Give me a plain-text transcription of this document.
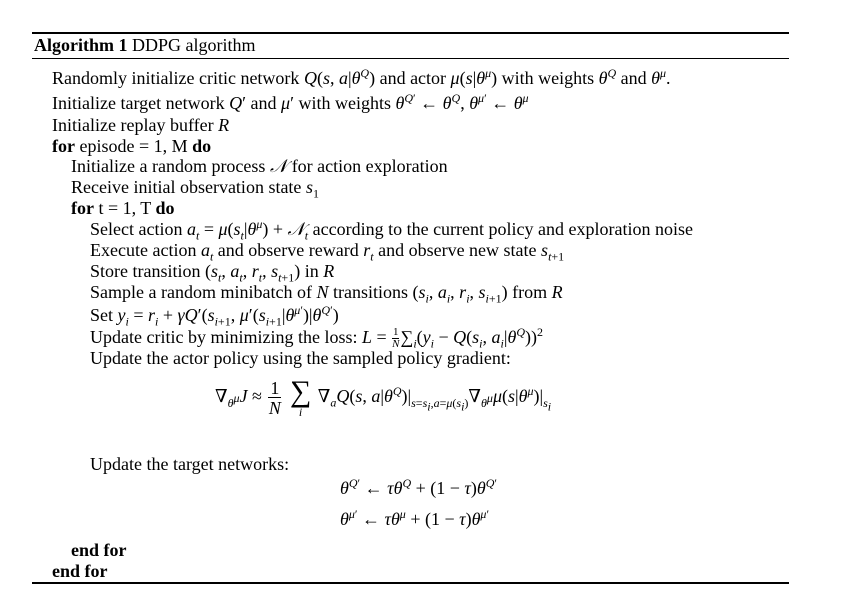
Algorithm 1 DDPG algorithm
Randomly initialize critic network Q(s, $a|\theta^Q$) and actor $\mu(s|\theta^\mu)$ with weights $\theta^Q$ and $\theta^\mu$.
Initialize target network Q′ and μ′ with weights $\theta^{Q'}$ ← $\theta^Q$, $\theta^{\mu'}$ ← $\theta^\mu$
Initialize replay buffer R
for episode = 1, M do
Initialize a random process 𝒩 for action exploration
Receive initial observation state $s_1$
for t = 1, T do
Select action $a_t = \mu(s_t|\theta^\mu)$ + 𝒩$_t$ according to the current policy and exploration noise
Execute action $a_t$ and observe reward $r_t$ and observe new state $s_{t+1}$
Store transition ($s_t$, $a_t$, $r_t$, $s_{t+1}$) in R
Sample a random minibatch of N transitions ($s_i$, $a_i$, $r_i$, $s_{i+1}$) from R
Set $y_i = r_i + \gamma Q'(s_{i+1}$, $\mu'(s_{i+1}|\theta^{\mu'})|\theta^{Q'}$)
Update critic by minimizing the loss: $L = \frac{1}{N} \sum_i(y_i - Q(s_i$, $a_i|\theta^Q))^2$
Update the actor policy using the sampled policy gradient:
$\nabla_{\theta^\mu}J \approx \frac{1}{N}$
∑
i
$\nabla_aQ(s$, $a|\theta^Q)|_{s=s_i,a=\mu(s_i)}\nabla_{\theta^\mu}\mu(s|\theta^\mu)|_{s_i}$
Update the target networks:
$\theta^{Q'}$ ← $\tau\theta^Q + (1 - \tau)\theta^{Q'}$
$\theta^{\mu'}$ ← $\tau\theta^\mu + (1 - \tau)\theta^{\mu'}$
end for
end for
